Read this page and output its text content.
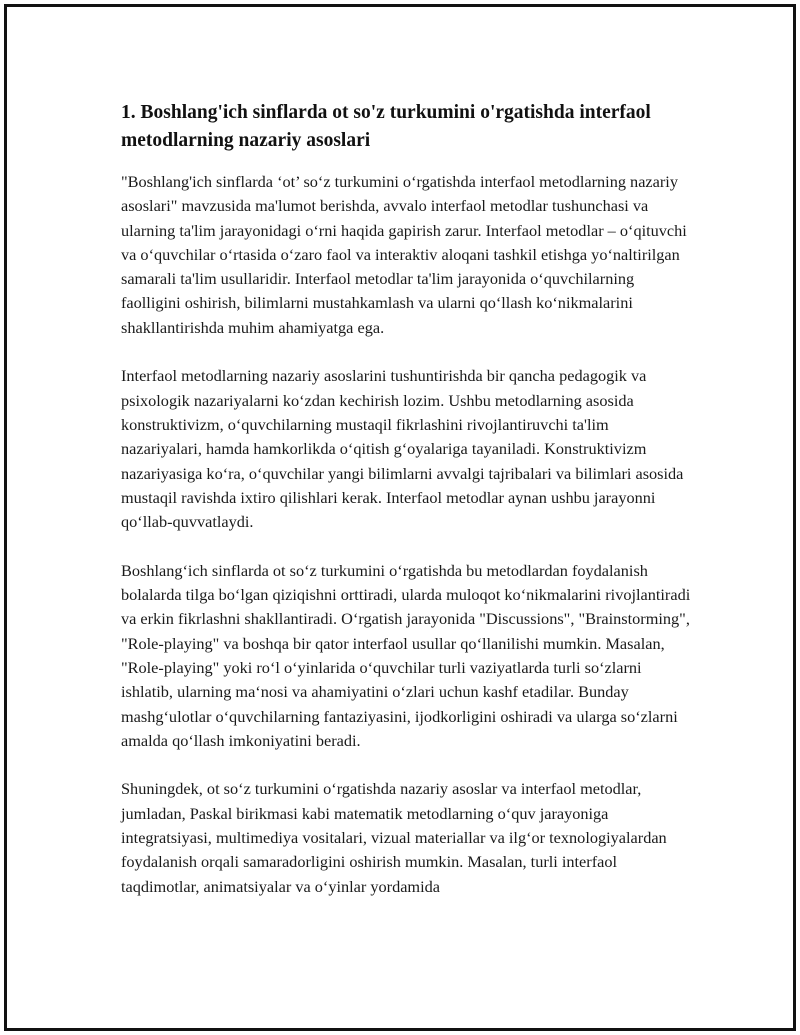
1. Boshlang'ich sinflarda ot so'z turkumini o'rgatishda interfaol metodlarning nazariy asoslari

"Boshlang'ich sinflarda ‘ot’ so‘z turkumini o‘rgatishda interfaol metodlarning nazariy asoslari" mavzusida ma'lumot berishda, avvalo interfaol metodlar tushunchasi va ularning ta'lim jarayonidagi o‘rni haqida gapirish zarur. Interfaol metodlar – o‘qituvchi va o‘quvchilar o‘rtasida o‘zaro faol va interaktiv aloqani tashkil etishga yo‘naltirilgan samarali ta'lim usullaridir. Interfaol metodlar ta'lim jarayonida o‘quvchilarning faolligini oshirish, bilimlarni mustahkamlash va ularni qo‘llash ko‘nikmalarini shakllantirishda muhim ahamiyatga ega.

Interfaol metodlarning nazariy asoslarini tushuntirishda bir qancha pedagogik va psixologik nazariyalarni ko‘zdan kechirish lozim. Ushbu metodlarning asosida konstruktivizm, o‘quvchilarning mustaqil fikrlashini rivojlantiruvchi ta'lim nazariyalari, hamda hamkorlikda o‘qitish g‘oyalariga tayaniladi. Konstruktivizm nazariyasiga ko‘ra, o‘quvchilar yangi bilimlarni avvalgi tajribalari va bilimlari asosida mustaqil ravishda ixtiro qilishlari kerak. Interfaol metodlar aynan ushbu jarayonni qo‘llab-quvvatlaydi.

Boshlang‘ich sinflarda ot so‘z turkumini o‘rgatishda bu metodlardan foydalanish bolalarda tilga bo‘lgan qiziqishni orttiradi, ularda muloqot ko‘nikmalarini rivojlantiradi va erkin fikrlashni shakllantiradi. O‘rgatish jarayonida "Discussions", "Brainstorming", "Role-playing" va boshqa bir qator interfaol usullar qo‘llanilishi mumkin. Masalan, "Role-playing" yoki ro‘l o‘yinlarida o‘quvchilar turli vaziyatlarda turli so‘zlarni ishlatib, ularning ma‘nosi va ahamiyatini o‘zlari uchun kashf etadilar. Bunday mashg‘ulotlar o‘quvchilarning fantaziyasini, ijodkorligini oshiradi va ularga so‘zlarni amalda qo‘llash imkoniyatini beradi.

Shuningdek, ot so‘z turkumini o‘rgatishda nazariy asoslar va interfaol metodlar, jumladan, Paskal birikmasi kabi matematik metodlarning o‘quv jarayoniga integratsiyasi, multimediya vositalari, vizual materiallar va ilg‘or texnologiyalardan foydalanish orqali samaradorligini oshirish mumkin. Masalan, turli interfaol taqdimotlar, animatsiyalar va o‘yinlar yordamida
